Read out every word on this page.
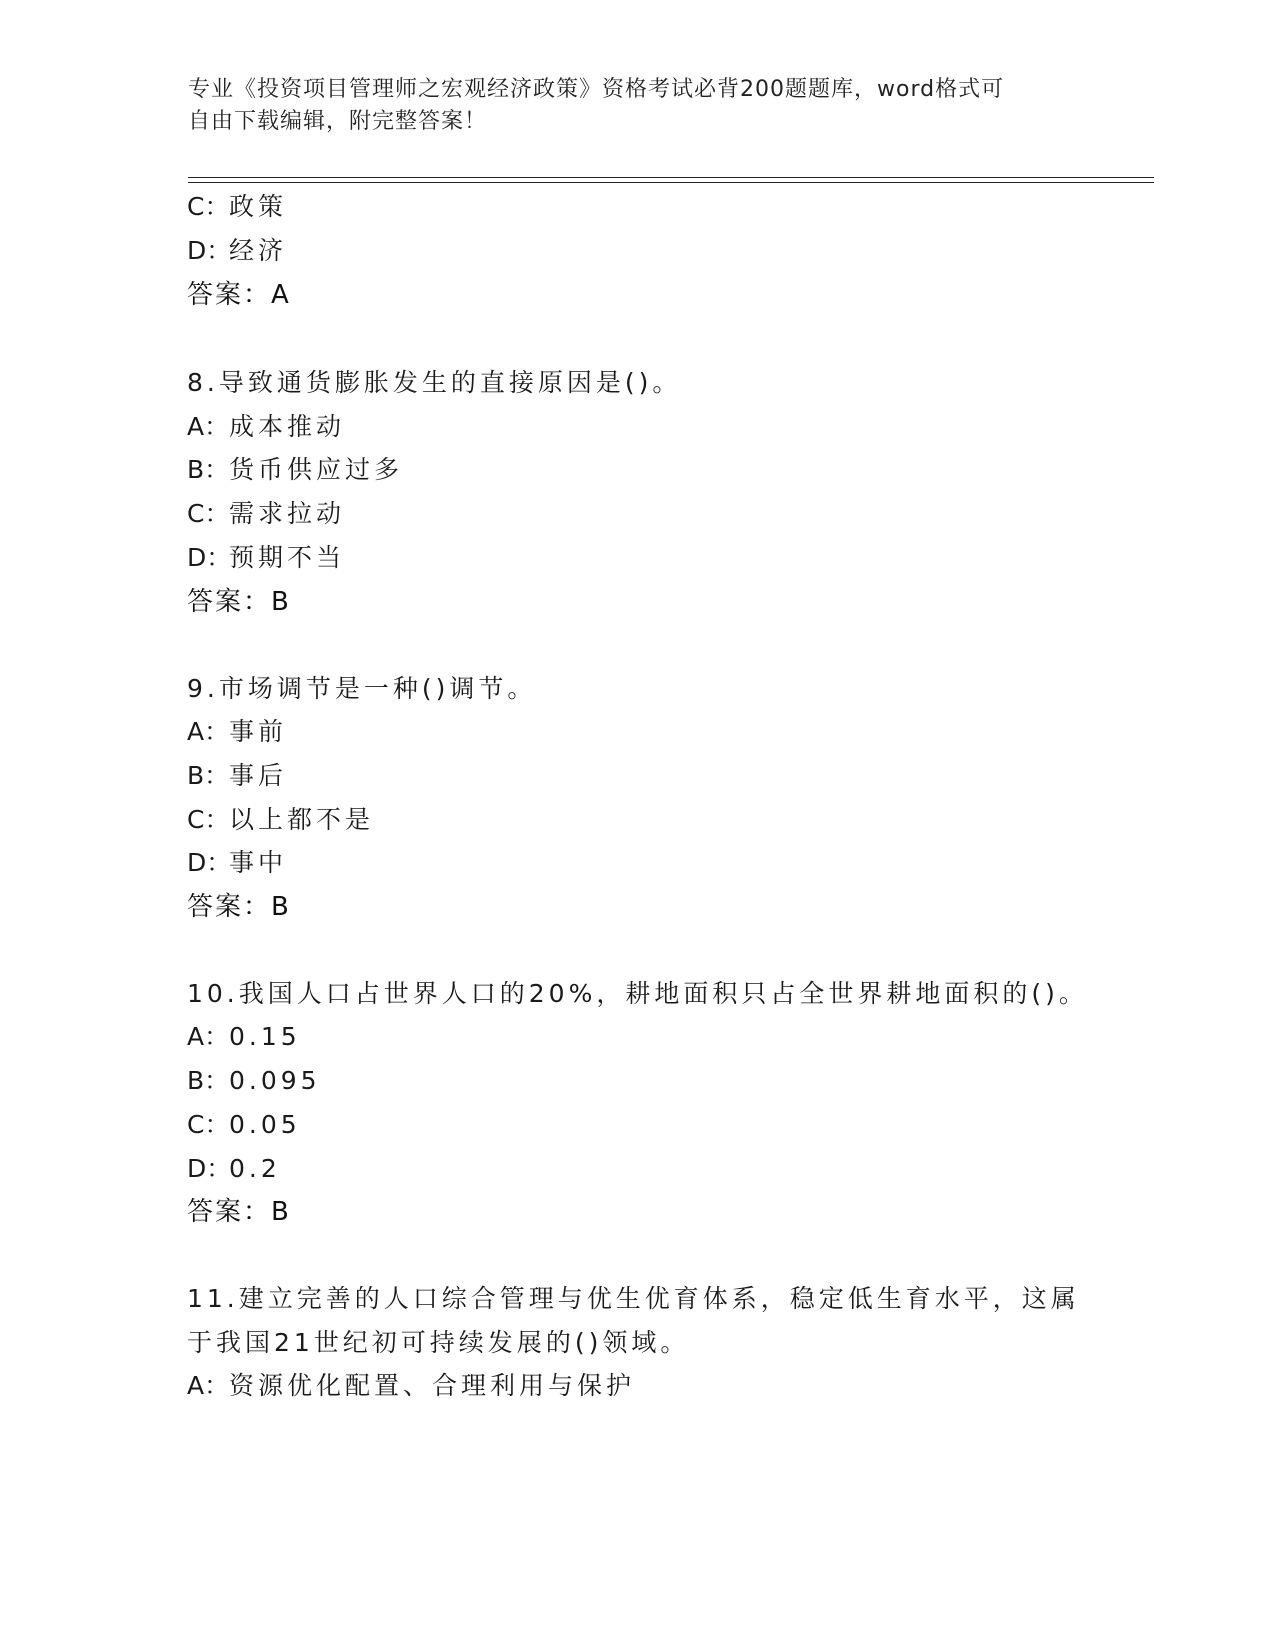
专业《投资项目管理师之宏观经济政策》资格考试必背200题题库，word格式可
自由下载编辑，附完整答案！
C：政策
D：经济
答案：A
8.导致通货膨胀发生的直接原因是()。
A：成本推动
B：货币供应过多
C：需求拉动
D：预期不当
答案：B
9.市场调节是一种()调节。
A：事前
B：事后
C：以上都不是
D：事中
答案：B
10.我国人口占世界人口的20%，耕地面积只占全世界耕地面积的()。
A：0.15
B：0.095
C：0.05
D：0.2
答案：B
11.建立完善的人口综合管理与优生优育体系，稳定低生育水平，这属
于我国21世纪初可持续发展的()领域。
A：资源优化配置、合理利用与保护
